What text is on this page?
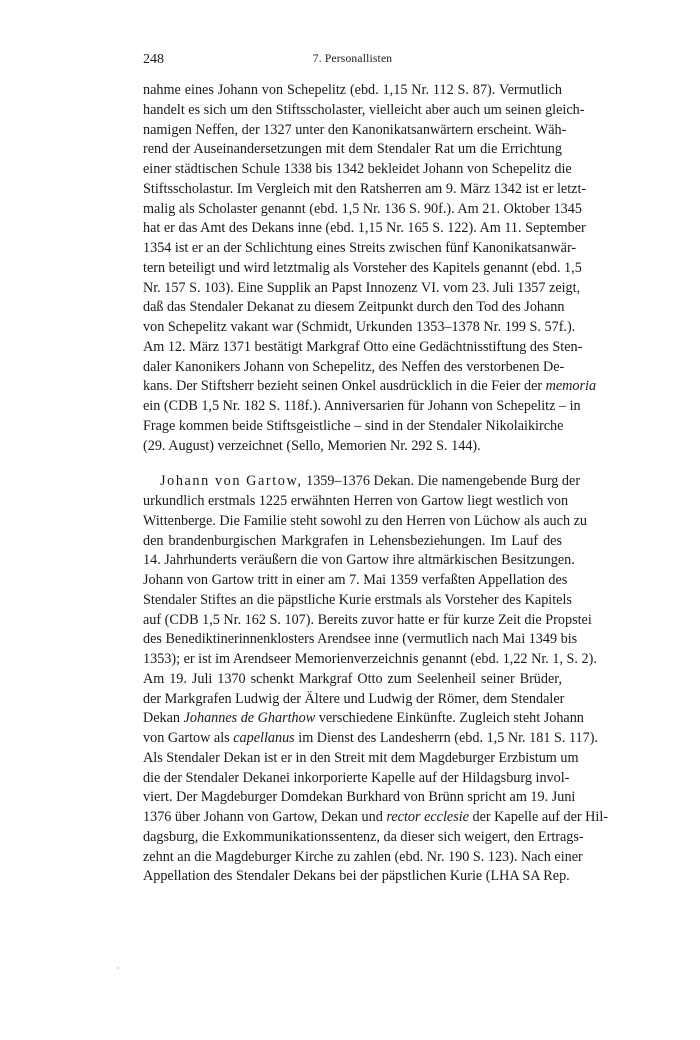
248	7. Personallisten
nahme eines Johann von Schepelitz (ebd. 1,15 Nr. 112 S. 87). Vermutlich
handelt es sich um den Stiftsscholaster, vielleicht aber auch um seinen gleich-
namigen Neffen, der 1327 unter den Kanonikatsanwärtern erscheint. Wäh-
rend der Auseinandersetzungen mit dem Stendaler Rat um die Errichtung
einer städtischen Schule 1338 bis 1342 bekleidet Johann von Schepelitz die
Stiftsscholastur. Im Vergleich mit den Ratsherren am 9. März 1342 ist er letzt-
malig als Scholaster genannt (ebd. 1,5 Nr. 136 S. 90f.). Am 21. Oktober 1345
hat er das Amt des Dekans inne (ebd. 1,15 Nr. 165 S. 122). Am 11. September
1354 ist er an der Schlichtung eines Streits zwischen fünf Kanonikatsanwär-
tern beteiligt und wird letztmalig als Vorsteher des Kapitels genannt (ebd. 1,5
Nr. 157 S. 103). Eine Supplik an Papst Innozenz VI. vom 23. Juli 1357 zeigt,
daß das Stendaler Dekanat zu diesem Zeitpunkt durch den Tod des Johann
von Schepelitz vakant war (Schmidt, Urkunden 1353–1378 Nr. 199 S. 57f.).
Am 12. März 1371 bestätigt Markgraf Otto eine Gedächtnisstiftung des Sten-
daler Kanonikers Johann von Schepelitz, des Neffen des verstorbenen De-
kans. Der Stiftsherr bezieht seinen Onkel ausdrücklich in die Feier der memoria
ein (CDB 1,5 Nr. 182 S. 118f.). Anniversarien für Johann von Schepelitz – in
Frage kommen beide Stiftsgeistliche – sind in der Stendaler Nikolaikirche
(29. August) verzeichnet (Sello, Memorien Nr. 292 S. 144).
Johann von Gartow, 1359–1376 Dekan. Die namengebende Burg der
urkundlich erstmals 1225 erwähnten Herren von Gartow liegt westlich von
Wittenberge. Die Familie steht sowohl zu den Herren von Lüchow als auch zu
den brandenburgischen Markgrafen in Lehensbeziehungen. Im Lauf des
14. Jahrhunderts veräußern die von Gartow ihre altmärkischen Besitzungen.
Johann von Gartow tritt in einer am 7. Mai 1359 verfaßten Appellation des
Stendaler Stiftes an die päpstliche Kurie erstmals als Vorsteher des Kapitels
auf (CDB 1,5 Nr. 162 S. 107). Bereits zuvor hatte er für kurze Zeit die Propstei
des Benediktinerinnenklosters Arendsee inne (vermutlich nach Mai 1349 bis
1353); er ist im Arendseer Memorienverzeichnis genannt (ebd. 1,22 Nr. 1, S. 2).
Am 19. Juli 1370 schenkt Markgraf Otto zum Seelenheil seiner Brüder,
der Markgrafen Ludwig der Ältere und Ludwig der Römer, dem Stendaler
Dekan Johannes de Gharthow verschiedene Einkünfte. Zugleich steht Johann
von Gartow als capellanus im Dienst des Landesherrn (ebd. 1,5 Nr. 181 S. 117).
Als Stendaler Dekan ist er in den Streit mit dem Magdeburger Erzbistum um
die der Stendaler Dekanei inkorporierte Kapelle auf der Hildagsburg invol-
viert. Der Magdeburger Domdekan Burkhard von Brünn spricht am 19. Juni
1376 über Johann von Gartow, Dekan und rector ecclesie der Kapelle auf der Hil-
dagsburg, die Exkommunikationssentenz, da dieser sich weigert, den Ertrags-
zehnt an die Magdeburger Kirche zu zahlen (ebd. Nr. 190 S. 123). Nach einer
Appellation des Stendaler Dekans bei der päpstlichen Kurie (LHA SA Rep.
